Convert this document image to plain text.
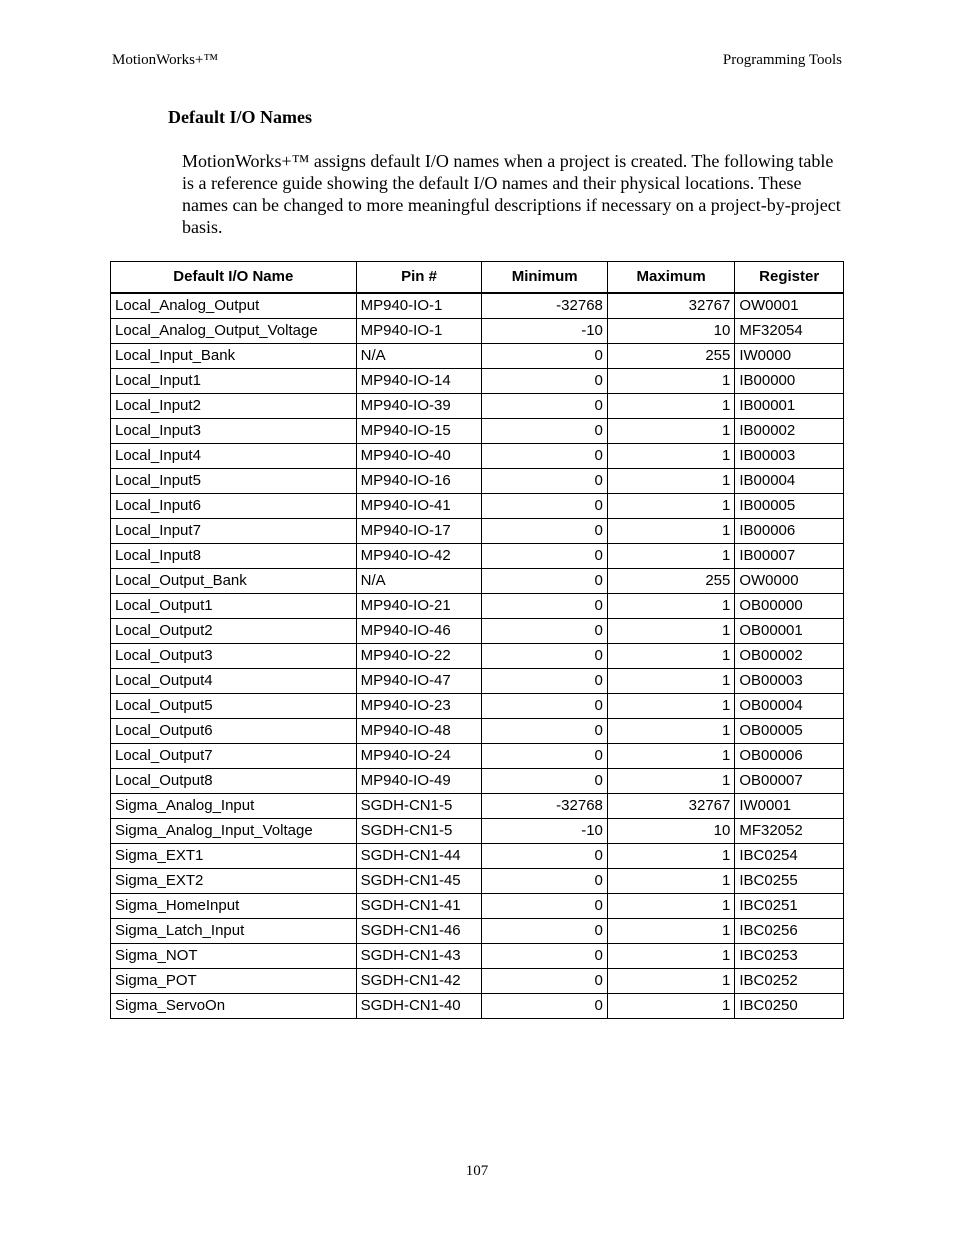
MotionWorks+™	Programming Tools
Default I/O Names

MotionWorks+™ assigns default I/O names when a project is created. The following table is a reference guide showing the default I/O names and their physical locations. These names can be changed to more meaningful descriptions if necessary on a project-by-project basis.

Default I/O Name	Pin #	Minimum	Maximum	Register
Local_Analog_Output	MP940-IO-1	-32768	32767	OW0001
Local_Analog_Output_Voltage	MP940-IO-1	-10	10	MF32054
Local_Input_Bank	N/A	0	255	IW0000
Local_Input1	MP940-IO-14	0	1	IB00000
Local_Input2	MP940-IO-39	0	1	IB00001
Local_Input3	MP940-IO-15	0	1	IB00002
Local_Input4	MP940-IO-40	0	1	IB00003
Local_Input5	MP940-IO-16	0	1	IB00004
Local_Input6	MP940-IO-41	0	1	IB00005
Local_Input7	MP940-IO-17	0	1	IB00006
Local_Input8	MP940-IO-42	0	1	IB00007
Local_Output_Bank	N/A	0	255	OW0000
Local_Output1	MP940-IO-21	0	1	OB00000
Local_Output2	MP940-IO-46	0	1	OB00001
Local_Output3	MP940-IO-22	0	1	OB00002
Local_Output4	MP940-IO-47	0	1	OB00003
Local_Output5	MP940-IO-23	0	1	OB00004
Local_Output6	MP940-IO-48	0	1	OB00005
Local_Output7	MP940-IO-24	0	1	OB00006
Local_Output8	MP940-IO-49	0	1	OB00007
Sigma_Analog_Input	SGDH-CN1-5	-32768	32767	IW0001
Sigma_Analog_Input_Voltage	SGDH-CN1-5	-10	10	MF32052
Sigma_EXT1	SGDH-CN1-44	0	1	IBC0254
Sigma_EXT2	SGDH-CN1-45	0	1	IBC0255
Sigma_HomeInput	SGDH-CN1-41	0	1	IBC0251
Sigma_Latch_Input	SGDH-CN1-46	0	1	IBC0256
Sigma_NOT	SGDH-CN1-43	0	1	IBC0253
Sigma_POT	SGDH-CN1-42	0	1	IBC0252
Sigma_ServoOn	SGDH-CN1-40	0	1	IBC0250
107
